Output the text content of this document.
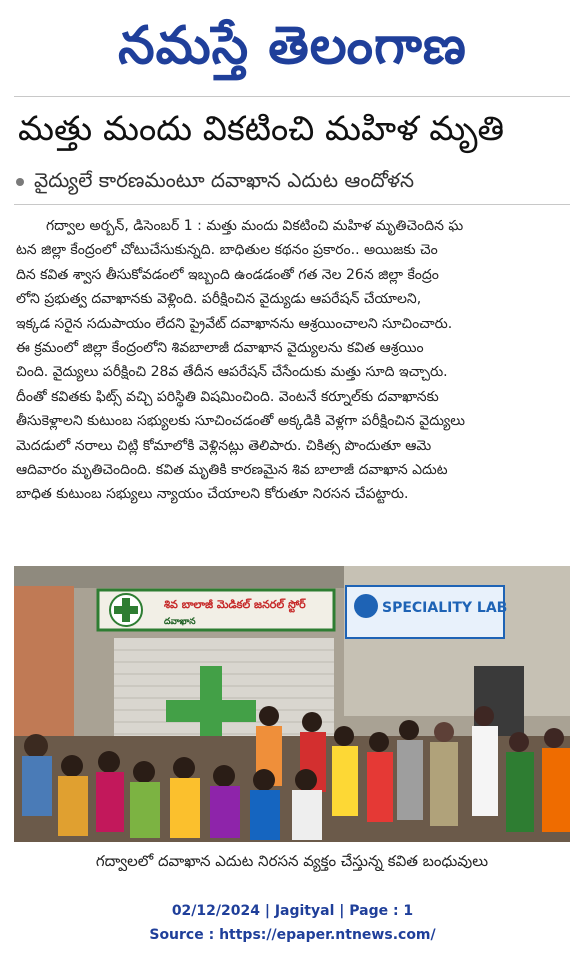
నమస్తే తెలంగాణ
మత్తు మందు వికటించి మహిళ మృతి
వైద్యులే కారణమంటూ దవాఖాన ఎదుట ఆందోళన
గద్వాల అర్బన్, డిసెంబర్ 1 : మత్తు మందు వికటించి మహిళ మృతిచెందిన ఘ
టన జిల్లా కేంద్రంలో చోటుచేసుకున్నది. బాధితుల కథనం ప్రకారం.. అయిజకు చెం
దిన కవిత శ్వాస తీసుకోవడంలో ఇబ్బంది ఉండడంతో గత నెల 26న జిల్లా కేంద్రం
లోని ప్రభుత్వ దవాఖానకు వెళ్లింది. పరీక్షించిన వైద్యుడు ఆపరేషన్ చేయాలని,
ఇక్కడ సరైన సదుపాయం లేదని ప్రైవేట్ దవాఖానను ఆశ్రయించాలని సూచించారు.
ఈ క్రమంలో జిల్లా కేంద్రంలోని శివబాలాజీ దవాఖాన వైద్యులను కవిత ఆశ్రయిం
చింది. వైద్యులు పరీక్షించి 28వ తేదీన ఆపరేషన్ చేసేందుకు మత్తు సూది ఇచ్చారు.
దీంతో కవితకు ఫిట్స్ వచ్చి పరిస్థితి విషమించింది. వెంటనే కర్నూల్‌కు దవాఖానకు
తీసుకెళ్లాలని కుటుంబ సభ్యులకు సూచించడంతో అక్కడికి వెళ్లగా పరీక్షించిన వైద్యులు
మెదడులో నరాలు చిట్లి కోమాలోకి వెళ్లినట్లు తెలిపారు. చికిత్స పొందుతూ ఆమె
ఆదివారం మృతిచెందింది. కవిత మృతికి కారణమైన శివ బాలాజీ దవాఖాన ఎదుట
బాధిత కుటుంబ సభ్యులు న్యాయం చేయాలని కోరుతూ నిరసన చేపట్టారు.
శివ బాలాజీ మెడికల్ జనరల్ స్టోర్
దవాఖాన
SPECIALITY LAB
గద్వాలలో దవాఖాన ఎదుట నిరసన వ్యక్తం చేస్తున్న కవిత బంధువులు
02/12/2024 | Jagityal | Page : 1
Source : https://epaper.ntnews.com/
